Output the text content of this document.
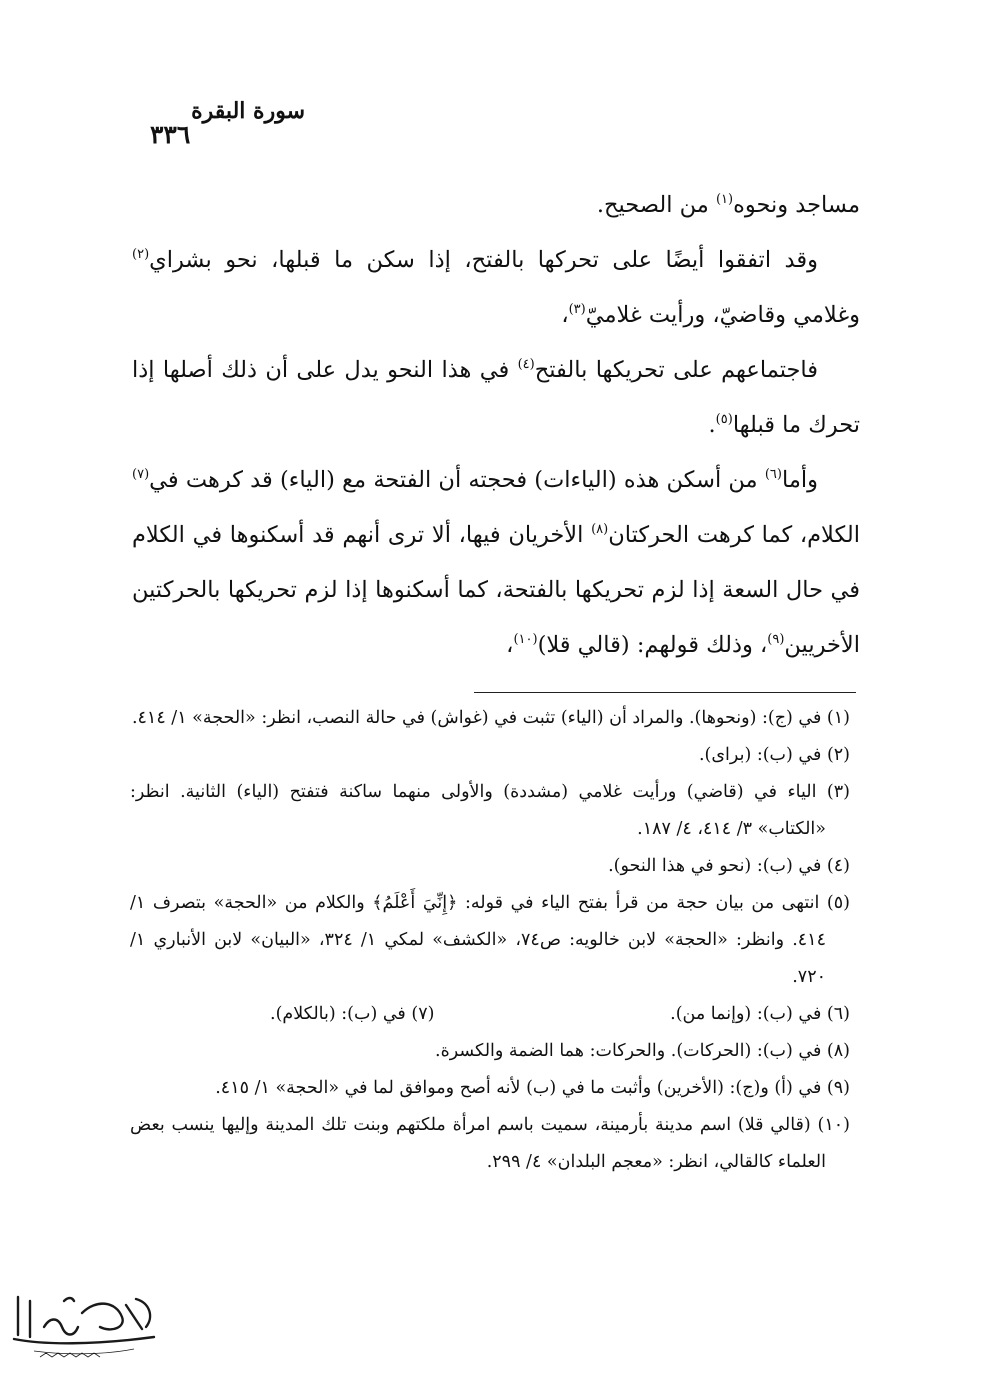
سورة البقرة
٣٣٦

مساجد ونحوه$^{(١)}$ من الصحيح.

وقد اتفقوا أيضًا على تحركها بالفتح، إذا سكن ما قبلها، نحو بشراي$^{(٢)}$ وغلامي وقاضيّ، ورأيت غلاميّ$^{(٣)}$،

فاجتماعهم على تحريكها بالفتح$^{(٤)}$ في هذا النحو يدل على أن ذلك أصلها إذا تحرك ما قبلها$^{(٥)}$.

وأما$^{(٦)}$ من أسكن هذه (الياءات) فحجته أن الفتحة مع (الياء) قد كرهت في$^{(٧)}$ الكلام، كما كرهت الحركتان$^{(٨)}$ الأخريان فيها، ألا ترى أنهم قد أسكنوها في الكلام في حال السعة إذا لزم تحريكها بالفتحة، كما أسكنوها إذا لزم تحريكها بالحركتين الأخريين$^{(٩)}$، وذلك قولهم: (قالي قلا)$^{(١٠)}$،

(١) في (ج): (ونحوها). والمراد أن (الياء) تثبت في (غواش) في حالة النصب، انظر: «الحجة» ١/ ٤١٤.

(٢) في (ب): (براى).

(٣) الياء في (قاضي) ورأيت غلامي (مشددة) والأولى منهما ساكنة فتفتح (الياء) الثانية. انظر: «الكتاب» ٣/ ٤١٤، ٤/ ١٨٧.

(٤) في (ب): (نحو في هذا النحو).

(٥) انتهى من بيان حجة من قرأ بفتح الياء في قوله: ﴿إِنِّيَ أَعْلَمُ﴾ والكلام من «الحجة» بتصرف ١/ ٤١٤. وانظر: «الحجة» لابن خالويه: ص٧٤، «الكشف» لمكي ١/ ٣٢٤، «البيان» لابن الأنباري ١/ ٧٢٠.

(٦) في (ب): (وإنما من).
(٧) في (ب): (بالكلام).

(٨) في (ب): (الحركات). والحركات: هما الضمة والكسرة.

(٩) في (أ) و(ج): (الأخرين) وأثبت ما في (ب) لأنه أصح وموافق لما في «الحجة» ١/ ٤١٥.

(١٠) (قالي قلا) اسم مدينة بأرمينة، سميت باسم امرأة ملكتهم وبنت تلك المدينة وإليها ينسب بعض العلماء كالقالي، انظر: «معجم البلدان» ٤/ ٢٩٩.
